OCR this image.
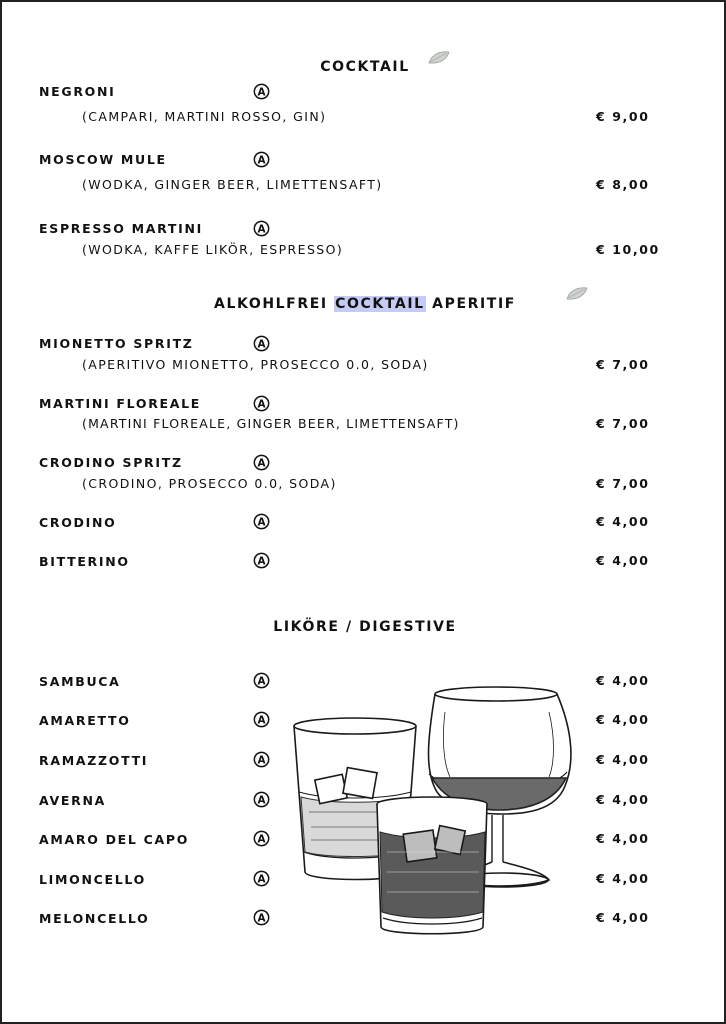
COCKTAIL
NEGRONI	A
(CAMPARI, MARTINI ROSSO, GIN)	€ 9,00
MOSCOW MULE	A
(WODKA, GINGER BEER, LIMETTENSAFT)	€ 8,00
ESPRESSO MARTINI	A
(WODKA, KAFFE LIKÖR, ESPRESSO)	€ 10,00
ALKOHLFREI COCKTAIL APERITIF
MIONETTO SPRITZ	A
(APERITIVO MIONETTO, PROSECCO 0.0, SODA)	€ 7,00
MARTINI FLOREALE	A
(MARTINI FLOREALE, GINGER BEER, LIMETTENSAFT)	€ 7,00
CRODINO SPRITZ	A
(CRODINO, PROSECCO 0.0, SODA)	€ 7,00
CRODINO	A	€ 4,00
BITTERINO	A	€ 4,00
LIKÖRE / DIGESTIVE
SAMBUCA	A	€ 4,00
AMARETTO	A	€ 4,00
RAMAZZOTTI	A	€ 4,00
AVERNA	A	€ 4,00
AMARO DEL CAPO	A	€ 4,00
LIMONCELLO	A	€ 4,00
MELONCELLO	A	€ 4,00
